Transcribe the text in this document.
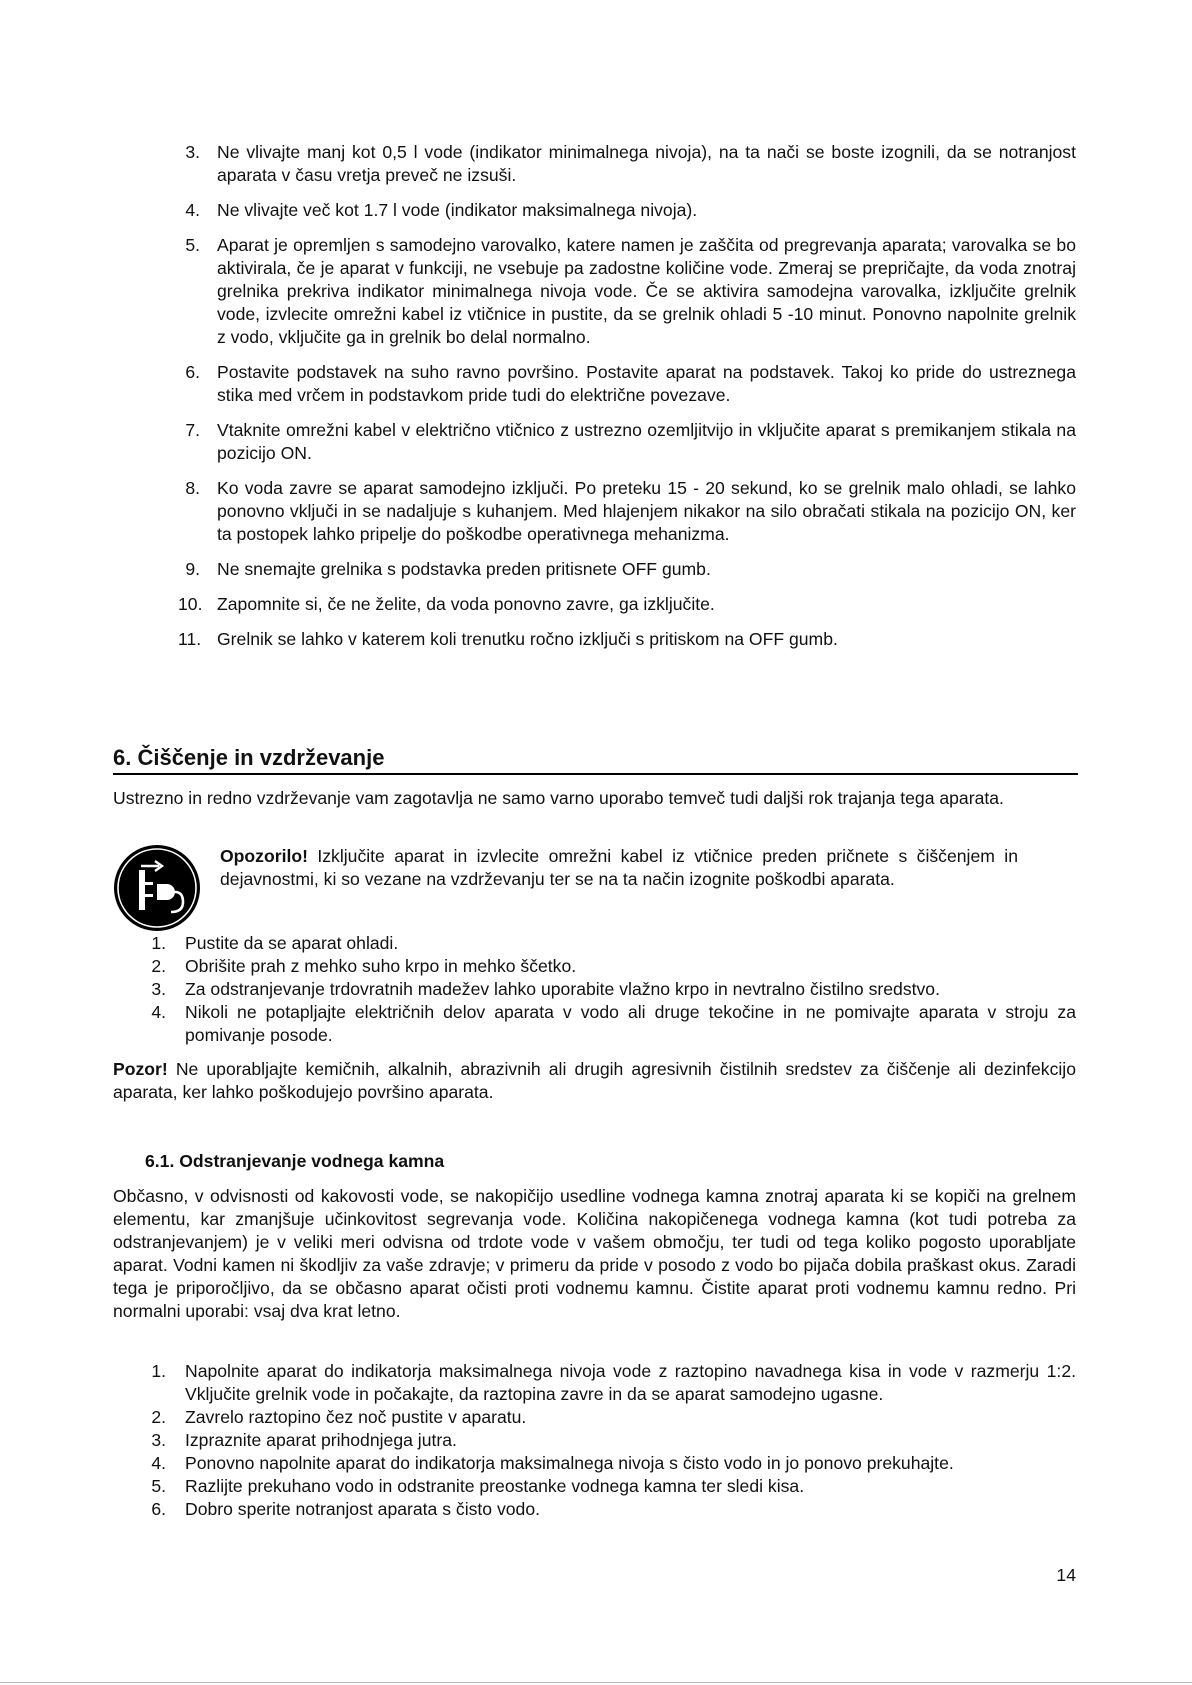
3. Ne vlivajte manj kot 0,5 l vode (indikator minimalnega nivoja), na ta nači se boste izognili, da se notranjost aparata v času vretja preveč ne izsuši.
4. Ne vlivajte več kot 1.7 l vode (indikator maksimalnega nivoja).
5. Aparat je opremljen s samodejno varovalko, katere namen je zaščita od pregrevanja aparata; varovalka se bo aktivirala, če je aparat v funkciji, ne vsebuje pa zadostne količine vode. Zmeraj se prepričajte, da voda znotraj grelnika prekriva indikator minimalnega nivoja vode. Če se aktivira samodejna varovalka, izključite grelnik vode, izvlecite omrežni kabel iz vtičnice in pustite, da se grelnik ohladi 5 -10 minut. Ponovno napolnite grelnik z vodo, vključite ga in grelnik bo delal normalno.
6. Postavite podstavek na suho ravno površino. Postavite aparat na podstavek. Takoj ko pride do ustreznega stika med vrčem in podstavkom pride tudi do električne povezave.
7. Vtaknite omrežni kabel v električno vtičnico z ustrezno ozemljitvijo in vključite aparat s premikanjem stikala na pozicijo ON.
8. Ko voda zavre se aparat samodejno izključi. Po preteku 15 - 20 sekund, ko se grelnik malo ohladi, se lahko ponovno vključi in se nadaljuje s kuhanjem. Med hlajenjem nikakor na silo obračati stikala na pozicijo ON, ker ta postopek lahko pripelje do poškodbe operativnega mehanizma.
9. Ne snemajte grelnika s podstavka preden pritisnete OFF gumb.
10. Zapomnite si, če ne želite, da voda ponovno zavre, ga izključite.
11. Grelnik se lahko v katerem koli trenutku ročno izključi s pritiskom na OFF gumb.
6. Čiščenje in vzdrževanje
Ustrezno in redno vzdrževanje vam zagotavlja ne samo varno uporabo temveč tudi daljši rok trajanja tega aparata.
Opozorilo! Izključite aparat in izvlecite omrežni kabel iz vtičnice preden pričnete s čiščenjem in dejavnostmi, ki so vezane na vzdrževanju ter se na ta način izognite poškodbi aparata.
1. Pustite da se aparat ohladi.
2. Obrišite prah z mehko suho krpo in mehko ščetko.
3. Za odstranjevanje trdovratnih madežev lahko uporabite vlažno krpo in nevtralno čistilno sredstvo.
4. Nikoli ne potapljajte električnih delov aparata v vodo ali druge tekočine in ne pomivajte aparata v stroju za pomivanje posode.
Pozor! Ne uporabljajte kemičnih, alkalnih, abrazivnih ali drugih agresivnih čistilnih sredstev za čiščenje ali dezinfekcijo aparata, ker lahko poškodujejo površino aparata.
6.1. Odstranjevanje vodnega kamna
Občasno, v odvisnosti od kakovosti vode, se nakopičijo usedline vodnega kamna znotraj aparata ki se kopiči na grelnem elementu, kar zmanjšuje učinkovitost segrevanja vode. Količina nakopičenega vodnega kamna (kot tudi potreba za odstranjevanjem) je v veliki meri odvisna od trdote vode v vašem območju, ter tudi od tega koliko pogosto uporabljate aparat. Vodni kamen ni škodljiv za vaše zdravje; v primeru da pride v posodo z vodo bo pijača dobila praškast okus. Zaradi tega je priporočljivo, da se občasno aparat očisti proti vodnemu kamnu. Čistite aparat proti vodnemu kamnu redno. Pri normalni uporabi: vsaj dva krat letno.
1. Napolnite aparat do indikatorja maksimalnega nivoja vode z raztopino navadnega kisa in vode v razmerju 1:2. Vključite grelnik vode in počakajte, da raztopina zavre in da se aparat samodejno ugasne.
2. Zavrelo raztopino čez noč pustite v aparatu.
3. Izpraznite aparat prihodnjega jutra.
4. Ponovno napolnite aparat do indikatorja maksimalnega nivoja s čisto vodo in jo ponovo prekuhajte.
5. Razlijte prekuhano vodo in odstranite preostanke vodnega kamna ter sledi kisa.
6. Dobro sperite notranjost aparata s čisto vodo.
14
